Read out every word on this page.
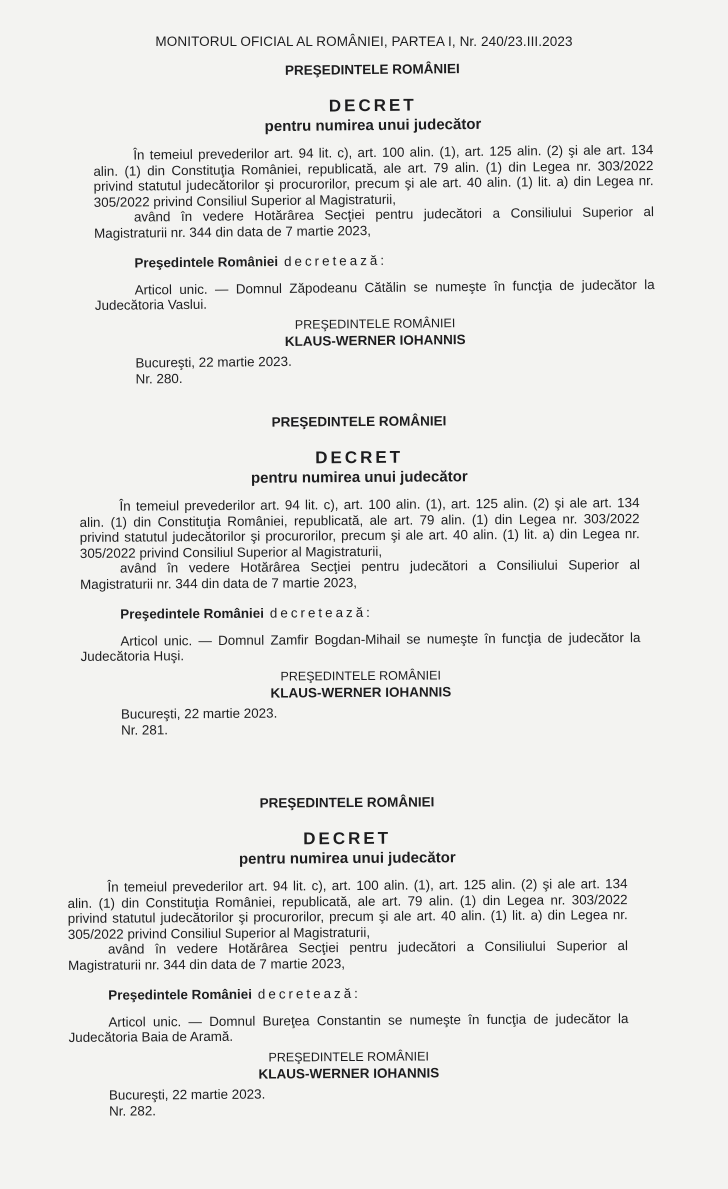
MONITORUL OFICIAL AL ROMÂNIEI, PARTEA I, Nr. 240/23.III.2023

PREŞEDINTELE ROMÂNIEI

DECRET

pentru numirea unui judecător

În temeiul prevederilor art. 94 lit. c), art. 100 alin. (1), art. 125 alin. (2) şi ale art. 134 alin. (1) din Constituţia României, republicată, ale art. 79 alin. (1) din Legea nr. 303/2022 privind statutul judecătorilor şi procurorilor, precum şi ale art. 40 alin. (1) lit. a) din Legea nr. 305/2022 privind Consiliul Superior al Magistraturii,

având în vedere Hotărârea Secţiei pentru judecători a Consiliului Superior al Magistraturii nr. 344 din data de 7 martie 2023,

Preşedintele României decretează:

Articol unic. — Domnul Zăpodeanu Cătălin se numeşte în funcţia de judecător la Judecătoria Vaslui.

PREŞEDINTELE ROMÂNIEI

KLAUS-WERNER IOHANNIS

Bucureşti, 22 martie 2023.

Nr. 280.

PREŞEDINTELE ROMÂNIEI

DECRET

pentru numirea unui judecător

În temeiul prevederilor art. 94 lit. c), art. 100 alin. (1), art. 125 alin. (2) şi ale art. 134 alin. (1) din Constituţia României, republicată, ale art. 79 alin. (1) din Legea nr. 303/2022 privind statutul judecătorilor şi procurorilor, precum şi ale art. 40 alin. (1) lit. a) din Legea nr. 305/2022 privind Consiliul Superior al Magistraturii,

având în vedere Hotărârea Secţiei pentru judecători a Consiliului Superior al Magistraturii nr. 344 din data de 7 martie 2023,

Preşedintele României decretează:

Articol unic. — Domnul Zamfir Bogdan-Mihail se numeşte în funcţia de judecător la Judecătoria Huşi.

PREŞEDINTELE ROMÂNIEI

KLAUS-WERNER IOHANNIS

Bucureşti, 22 martie 2023.

Nr. 281.

PREŞEDINTELE ROMÂNIEI

DECRET

pentru numirea unui judecător

În temeiul prevederilor art. 94 lit. c), art. 100 alin. (1), art. 125 alin. (2) şi ale art. 134 alin. (1) din Constituţia României, republicată, ale art. 79 alin. (1) din Legea nr. 303/2022 privind statutul judecătorilor şi procurorilor, precum şi ale art. 40 alin. (1) lit. a) din Legea nr. 305/2022 privind Consiliul Superior al Magistraturii,

având în vedere Hotărârea Secţiei pentru judecători a Consiliului Superior al Magistraturii nr. 344 din data de 7 martie 2023,

Preşedintele României decretează:

Articol unic. — Domnul Bureţea Constantin se numeşte în funcţia de judecător la Judecătoria Baia de Aramă.

PREŞEDINTELE ROMÂNIEI

KLAUS-WERNER IOHANNIS

Bucureşti, 22 martie 2023.

Nr. 282.
